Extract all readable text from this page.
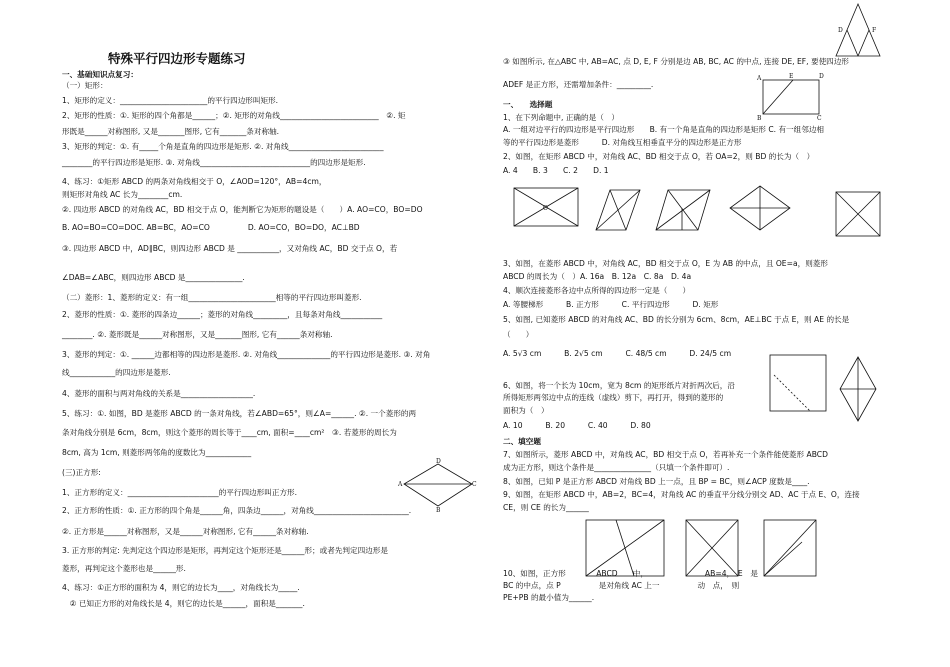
特殊平行四边形专题练习
一、基础知识点复习：
（一）矩形：
1、矩形的定义：_______________________的平行四边形叫矩形.
2、矩形的性质：①. 矩形的四个角都是______；②. 矩形的对角线__________________________　②. 矩
形既是______对称图形, 又是_______图形, 它有_______条对称轴.
3、矩形的判定：①. 有_____个角是直角的四边形是矩形. ②. 对角线_________________________
________的平行四边形是矩形. ③. 对角线_____________________________的四边形是矩形.
4、练习：①矩形 ABCD 的两条对角线相交于 O，∠AOD=120°，AB=4cm，
则矩形对角线 AC 长为________cm.
②. 四边形 ABCD 的对角线 AC，BD 相交于点 O，能判断它为矩形的题设是（　　）A. AO=CO，BO=DO
B. AO=BO=CO=DOC. AB=BC，AO=CO　　　　　D. AO=CO，BO=DO，AC⊥BD
③. 四边形 ABCD 中，AD∥BC，则四边形 ABCD 是 ___________，又对角线 AC，BD 交于点 O，若
∠DAB=∠ABC，则四边形 ABCD 是_______________.
（二）菱形：1、菱形的定义：有一组_______________________相等的平行四边形叫菱形.
2、菱形的性质：①. 菱形的四条边______；菱形的对角线_________，且每条对角线___________
________. ②. 菱形既是______对称图形，又是_______图形, 它有______条对称轴.
3、菱形的判定：①. ______边都相等的四边形是菱形. ②. 对角线______________的平行四边形是菱形. ③. 对角
线____________的四边形是菱形.
4、菱形的面积与两对角线的关系是___________________.
5、练习：①. 如图，BD 是菱形 ABCD 的一条对角线，若∠ABD=65°，则∠A=______. ②. 一个菱形的两
条对角线分别是 6cm，8cm，则这个菱形的周长等于____cm, 面积=____cm²　③. 若菱形的周长为
8cm, 高为 1cm, 则菱形两邻角的度数比为____________
(三)正方形:
1、正方形的定义：________________________的平行四边形叫正方形.
2、正方形的性质：①. 正方形的四个角是______角，四条边______，对角线_________________________.
②. 正方形是______对称图形，又是______对称图形, 它有______条对称轴.
3. 正方形的判定: 先判定这个四边形是矩形，再判定这个矩形还是______形；或者先判定四边形是
菱形，再判定这个菱形也是______形.
4、练习：①正方形的面积为 4，则它的边长为____，对角线长为_____.
　② 已知正方形的对角线长是 4，则它的边长是______，面积是_______.
③ 如图所示, 在△ABC 中, AB=AC, 点 D, E, F 分别是边 AB, BC, AC 的中点, 连接 DE, EF, 要使四边形
ADEF 是正方形，还需增加条件：_________.
一、　　选择题
1、在下列命题中, 正确的是（　）
A. 一组对边平行的四边形是平行四边形　　B. 有一个角是直角的四边形是矩形 C. 有一组邻边相
等的平行四边形是菱形　　　D. 对角线互相垂直平分的四边形是正方形
2、如图，在矩形 ABCD 中，对角线 AC、BD 相交于点 O，若 OA=2，则 BD 的长为（　）
A. 4　　B. 3　　C. 2　　D. 1
3、如图，在菱形 ABCD 中，对角线 AC，BD 相交于点 O，E 为 AB 的中点，且 OE=a，则菱形
ABCD 的周长为（　）A. 16a　B. 12a　C. 8a　D. 4a
4、顺次连接菱形各边中点所得的四边形一定是（　　）
A. 等腰梯形　　　B. 正方形　　　C. 平行四边形　　　D. 矩形
5、如图, 已知菱形 ABCD 的对角线 AC、BD 的长分别为 6cm、8cm，AE⊥BC 于点 E，则 AE 的长是
（　　）
A. 5√3 cm　　　B. 2√5 cm　　　C. 48/5 cm　　　D. 24/5 cm
6、如图，将一个长为 10cm，宽为 8cm 的矩形纸片对折两次后，沿
所得矩形两邻边中点的连线（虚线）剪下，再打开，得到的菱形的
面积为（　）
A. 10　　　B. 20　　　C. 40　　　D. 80
二、填空题
7、如图所示，菱形 ABCD 中，对角线 AC，BD 相交于点 O，若再补充一个条件能使菱形 ABCD
成为正方形，则这个条件是_______________（只填一个条件即可）.
8、如图，已知 P 是正方形 ABCD 对角线 BD 上一点，且 BP = BC，则∠ACP 度数是____.
9、如图，在矩形 ABCD 中，AB=2，BC=4，对角线 AC 的垂直平分线分别交 AD、AC 于点 E、O，连接
CE，则 CE 的长为______
10、如图，正方形　　　　ABCD　　中，　　　　　　　　AB=4，　E　是
BC 的中点，点 P　　　　　是对角线 AC 上一　　　　　动　点，　则
PE+PB 的最小值为______.
D	F
A	E	D
B	C
O
A
D
B
C
